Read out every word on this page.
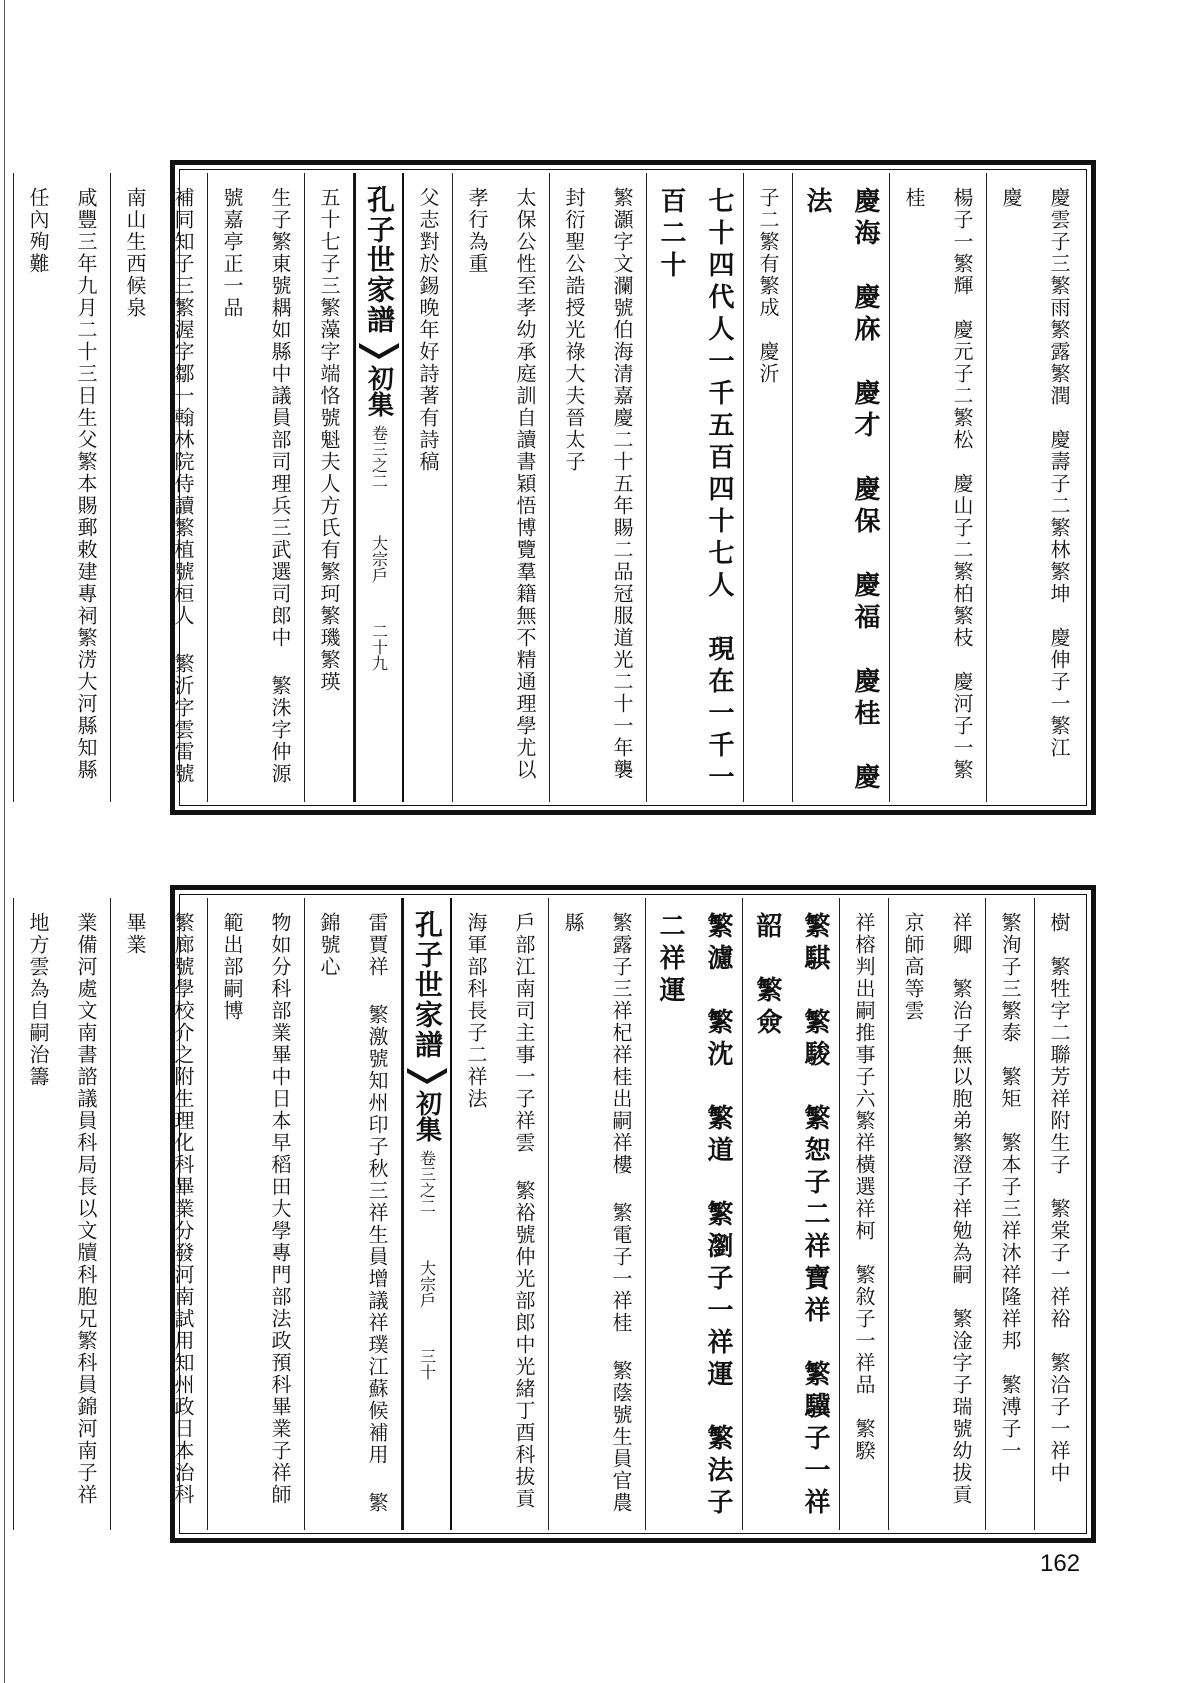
慶雲子三繁雨繁露繁潤　慶壽子二繁林繁坤　慶伸子一繁江　慶
楊子一繁輝　慶元子二繁松　慶山子二繁柏繁枝　慶河子一繁桂
慶海　慶庥　慶才　慶保　慶福　慶桂　慶法
子二繁有繁成　慶沂
七十四代人一千五百四十七人　現在一千一百二十
繁灝字文瀾號伯海清嘉慶二十五年賜二品冠服道光二十一年襲封衍聖公誥授光祿大夫晉太子
太保公性至孝幼承庭訓自讀書穎悟博覽羣籍無不精通理學尤以孝行為重
父志對於錫晚年好詩著有詩稿
孔子世家譜
初集
卷三之二
大宗戶
二十九
五十七子三繁藻字端恪號魁夫人方氏有繁珂繁璣繁瑛
生子繁東號耦如縣中議員部司理兵三武選司郎中 繁洙字仲源號嘉亭正一品
補同知子三繁渥字鄒一翰林院侍讀繁植號桓人 繁沂字雲雷號南山生西候泉
咸豐三年九月二十三日生父繁本賜郵敕建專祠繁淓大河縣知縣任內殉難
樹　繁牲字二聯芳祥附生子　繁棠子一祥裕　繁洽子一祥中
繁洵子三繁泰　繁矩　繁本子三祥沐祥隆祥邦　繁溥子一
祥卿　繁治子無以胞弟繁澄子祥勉為嗣　繁淦字子瑞號幼拔貢京師高等雲
祥榕判出嗣推事子六繁祥橫選祥柯　繁敘子一祥品　繁騤
繁騏　繁駿　繁恕子二祥寶祥　繁驥子一祥韶　繁僉
繁濾　繁沈　繁道　繁瀏子一祥運　繁法子二祥運
繁露子三祥杞祥桂出嗣祥樓 繁電子一祥桂 繁蔭號生員官農縣
戶部江南司主事一子祥雲 繁裕號仲光部郎中光緒丁酉科拔貢海軍部科長子二祥法
孔子世家譜
初集
卷三之二
大宗戶
三十
雷賈祥 繁激號知州印子秋三祥生員增議祥璞江蘇候補用 繁錦號心
物如分科部業畢中日本早稻田大學專門部法政預科畢業子祥師範出部嗣博
繁廊號學校介之附生理化科畢業分發河南試用知州政日本治科畢業
業備河處文南書諮議員科局長以文牘科胞兄繁科員錦河南子祥地方雲為自嗣治籌
162
